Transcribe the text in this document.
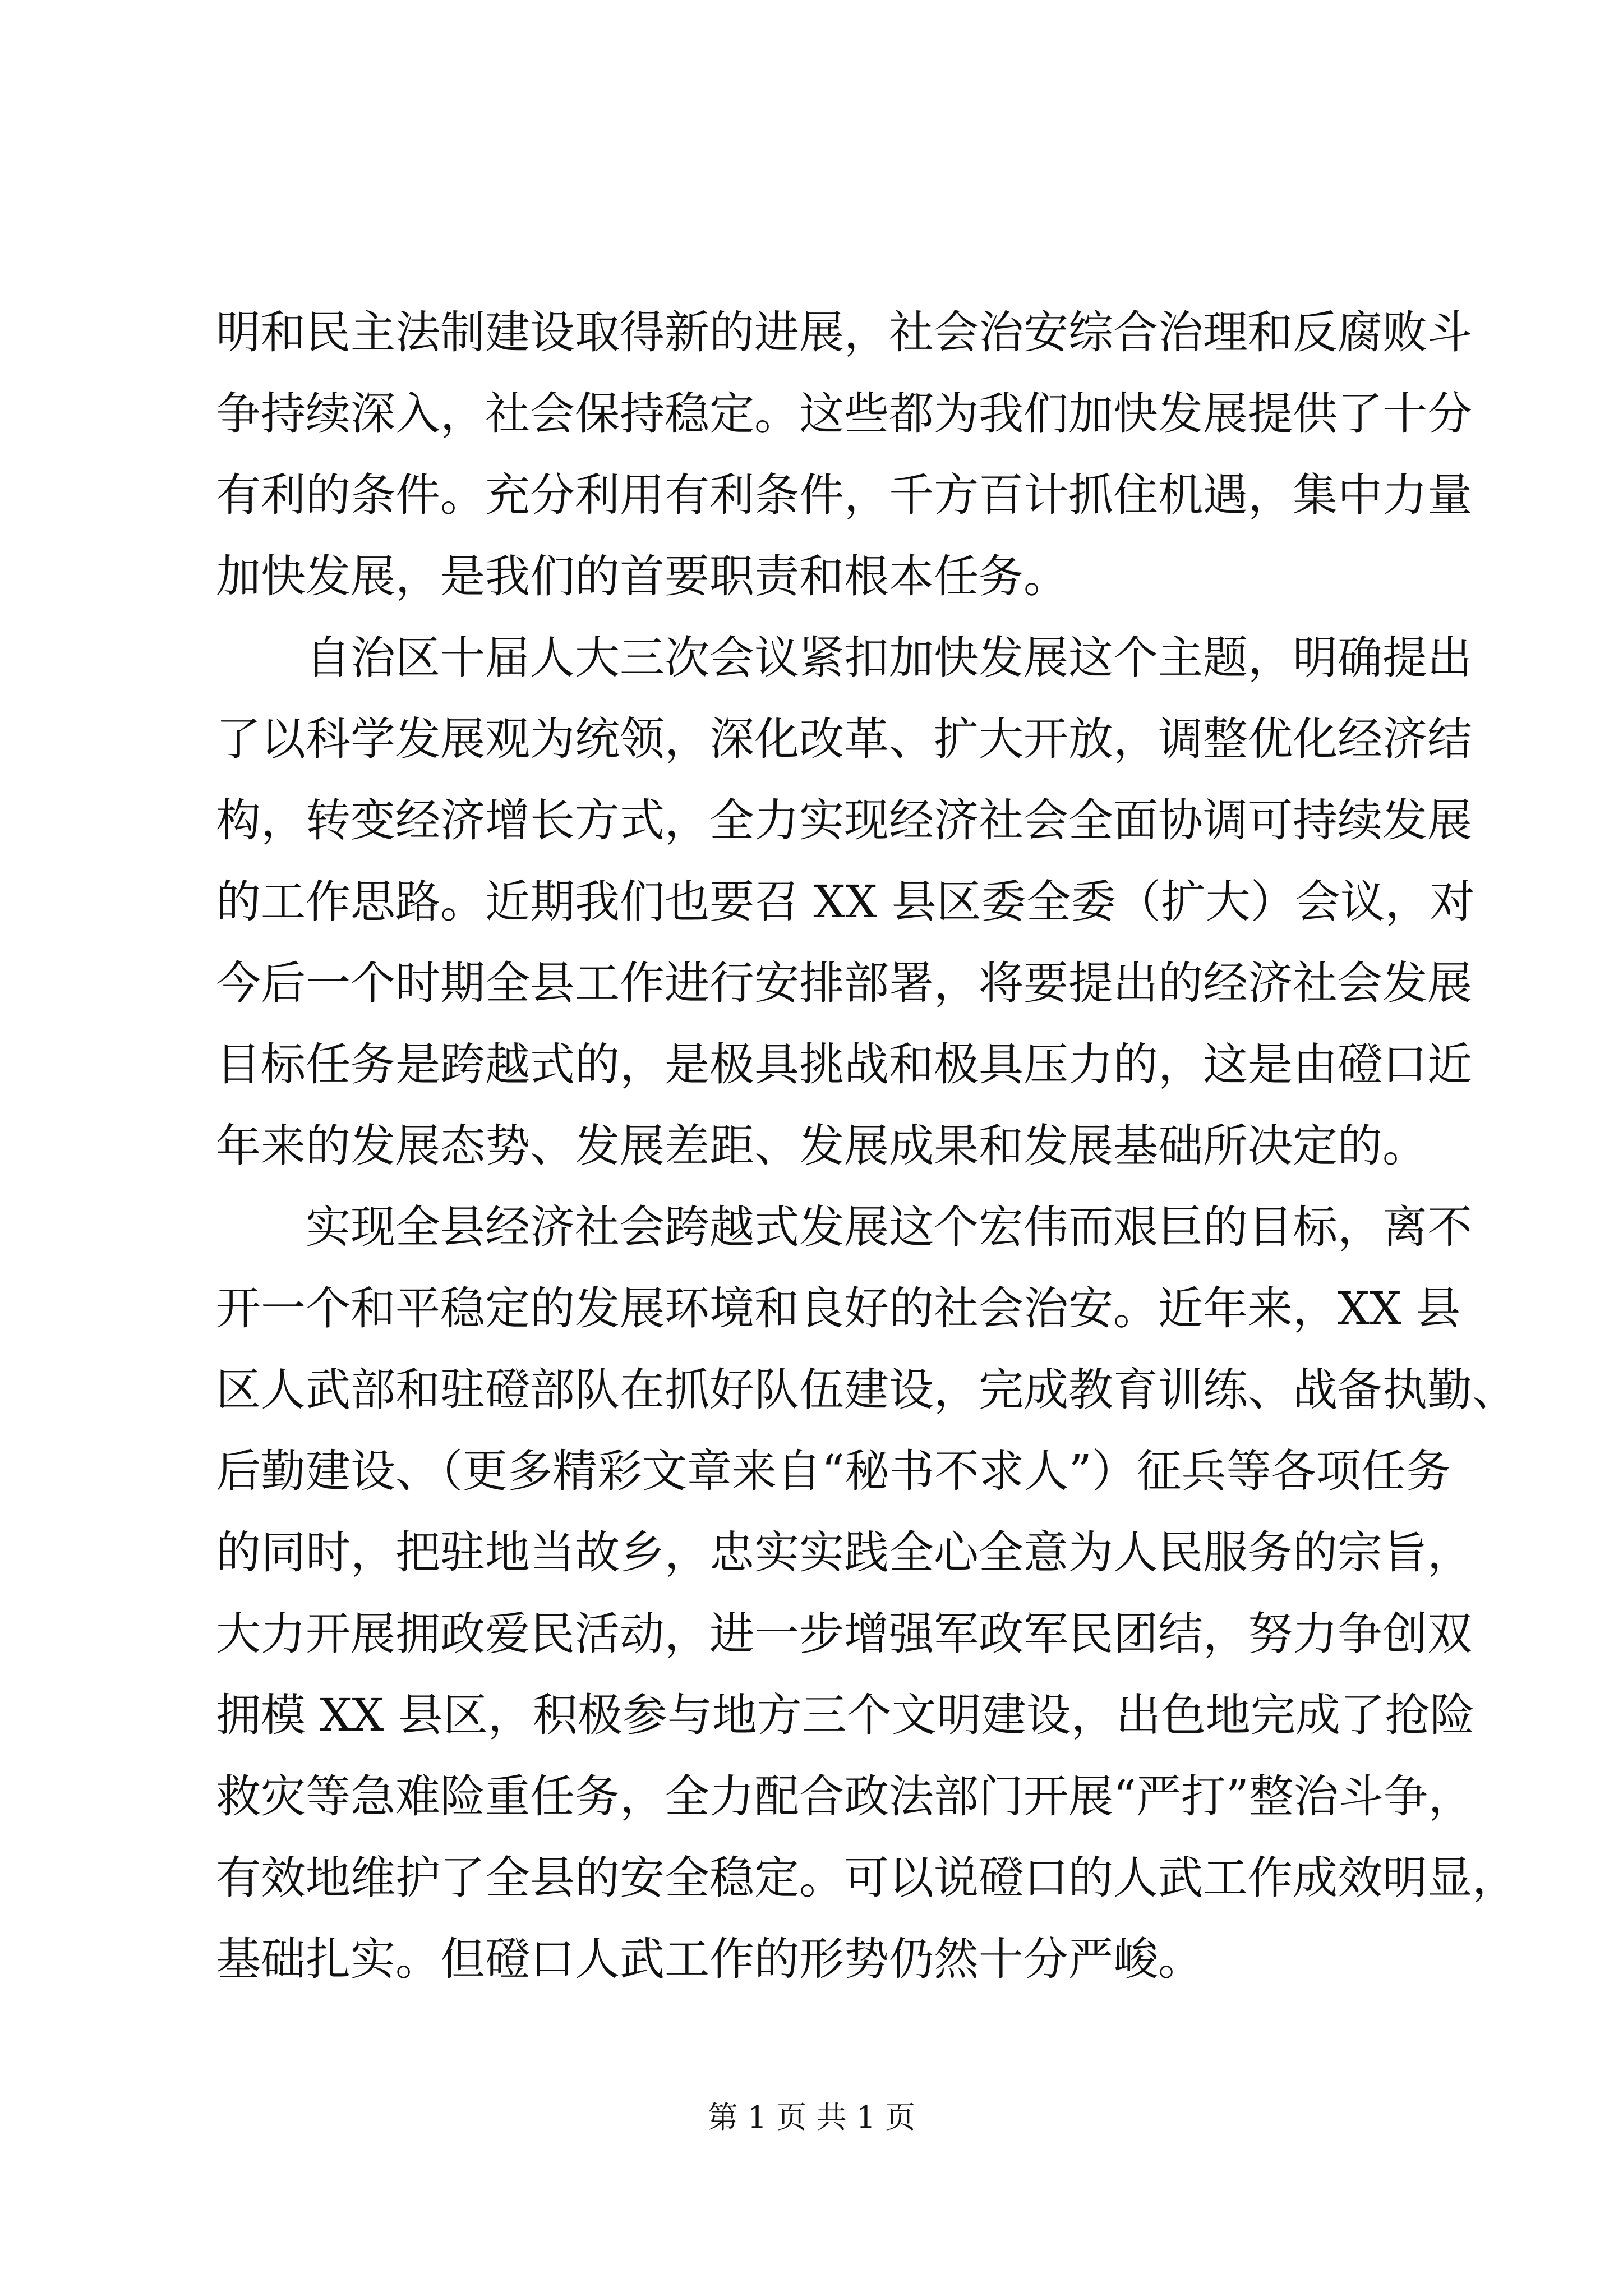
明和民主法制建设取得新的进展，社会治安综合治理和反腐败斗
争持续深入，社会保持稳定。这些都为我们加快发展提供了十分
有利的条件。充分利用有利条件，千方百计抓住机遇，集中力量
加快发展，是我们的首要职责和根本任务。
自治区十届人大三次会议紧扣加快发展这个主题，明确提出
了以科学发展观为统领，深化改革、扩大开放，调整优化经济结
构，转变经济增长方式，全力实现经济社会全面协调可持续发展
的工作思路。近期我们也要召 XX 县区委全委（扩大）会议，对
今后一个时期全县工作进行安排部署，将要提出的经济社会发展
目标任务是跨越式的，是极具挑战和极具压力的，这是由磴口近
年来的发展态势、发展差距、发展成果和发展基础所决定的。
实现全县经济社会跨越式发展这个宏伟而艰巨的目标，离不
开一个和平稳定的发展环境和良好的社会治安。近年来，XX 县
区人武部和驻磴部队在抓好队伍建设，完成教育训练、战备执勤、
后勤建设、（更多精彩文章来自“秘书不求人”）征兵等各项任务
的同时，把驻地当故乡，忠实实践全心全意为人民服务的宗旨，
大力开展拥政爱民活动，进一步增强军政军民团结，努力争创双
拥模 XX 县区，积极参与地方三个文明建设，出色地完成了抢险
救灾等急难险重任务，全力配合政法部门开展“严打”整治斗争，
有效地维护了全县的安全稳定。可以说磴口的人武工作成效明显，
基础扎实。但磴口人武工作的形势仍然十分严峻。
第 1 页 共 1 页
